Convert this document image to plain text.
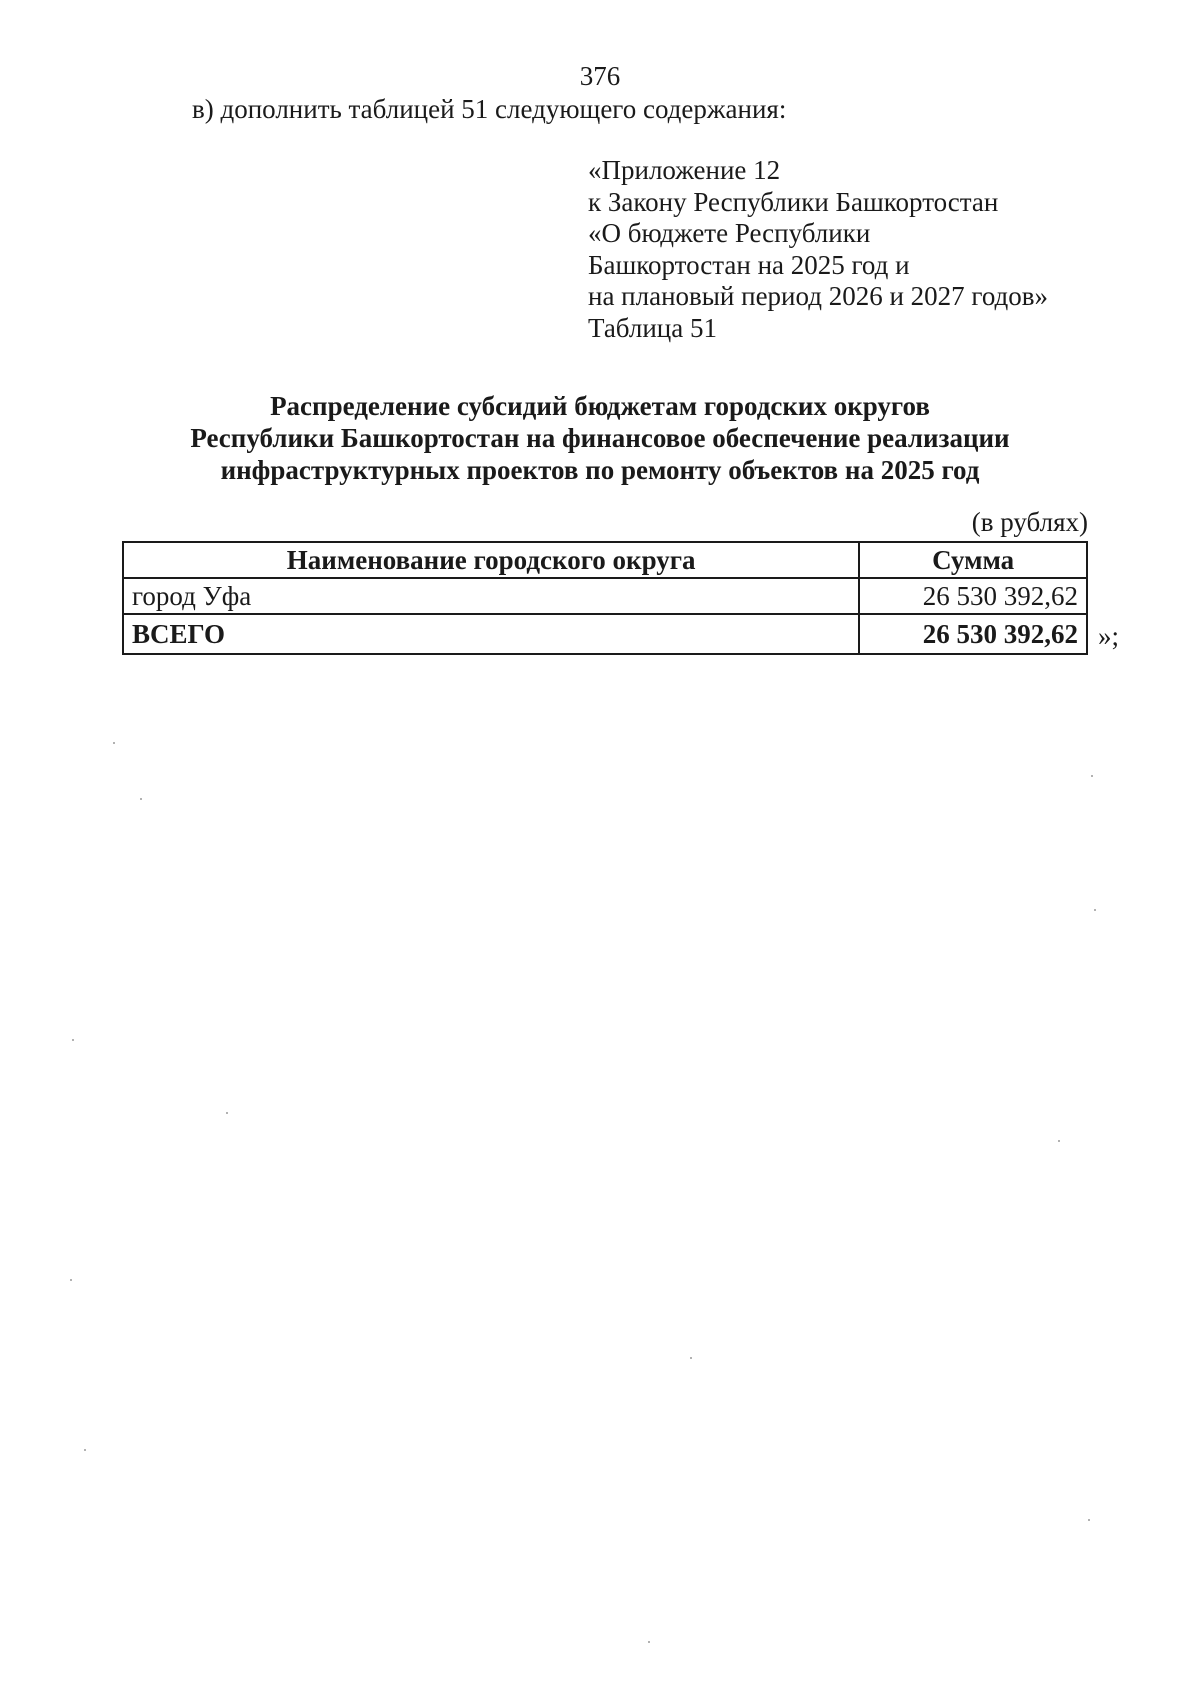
376
в) дополнить таблицей 51 следующего содержания:
«Приложение 12
к Закону Республики Башкортостан
«О бюджете Республики
Башкортостан на 2025 год и
на плановый период 2026 и 2027 годов»
Таблица 51
Распределение субсидий бюджетам городских округов
Республики Башкортостан на финансовое обеспечение реализации
инфраструктурных проектов по ремонту объектов на 2025 год
(в рублях)
Наименование городского округа	Сумма
город Уфа	26 530 392,62
ВСЕГО	26 530 392,62 »;
